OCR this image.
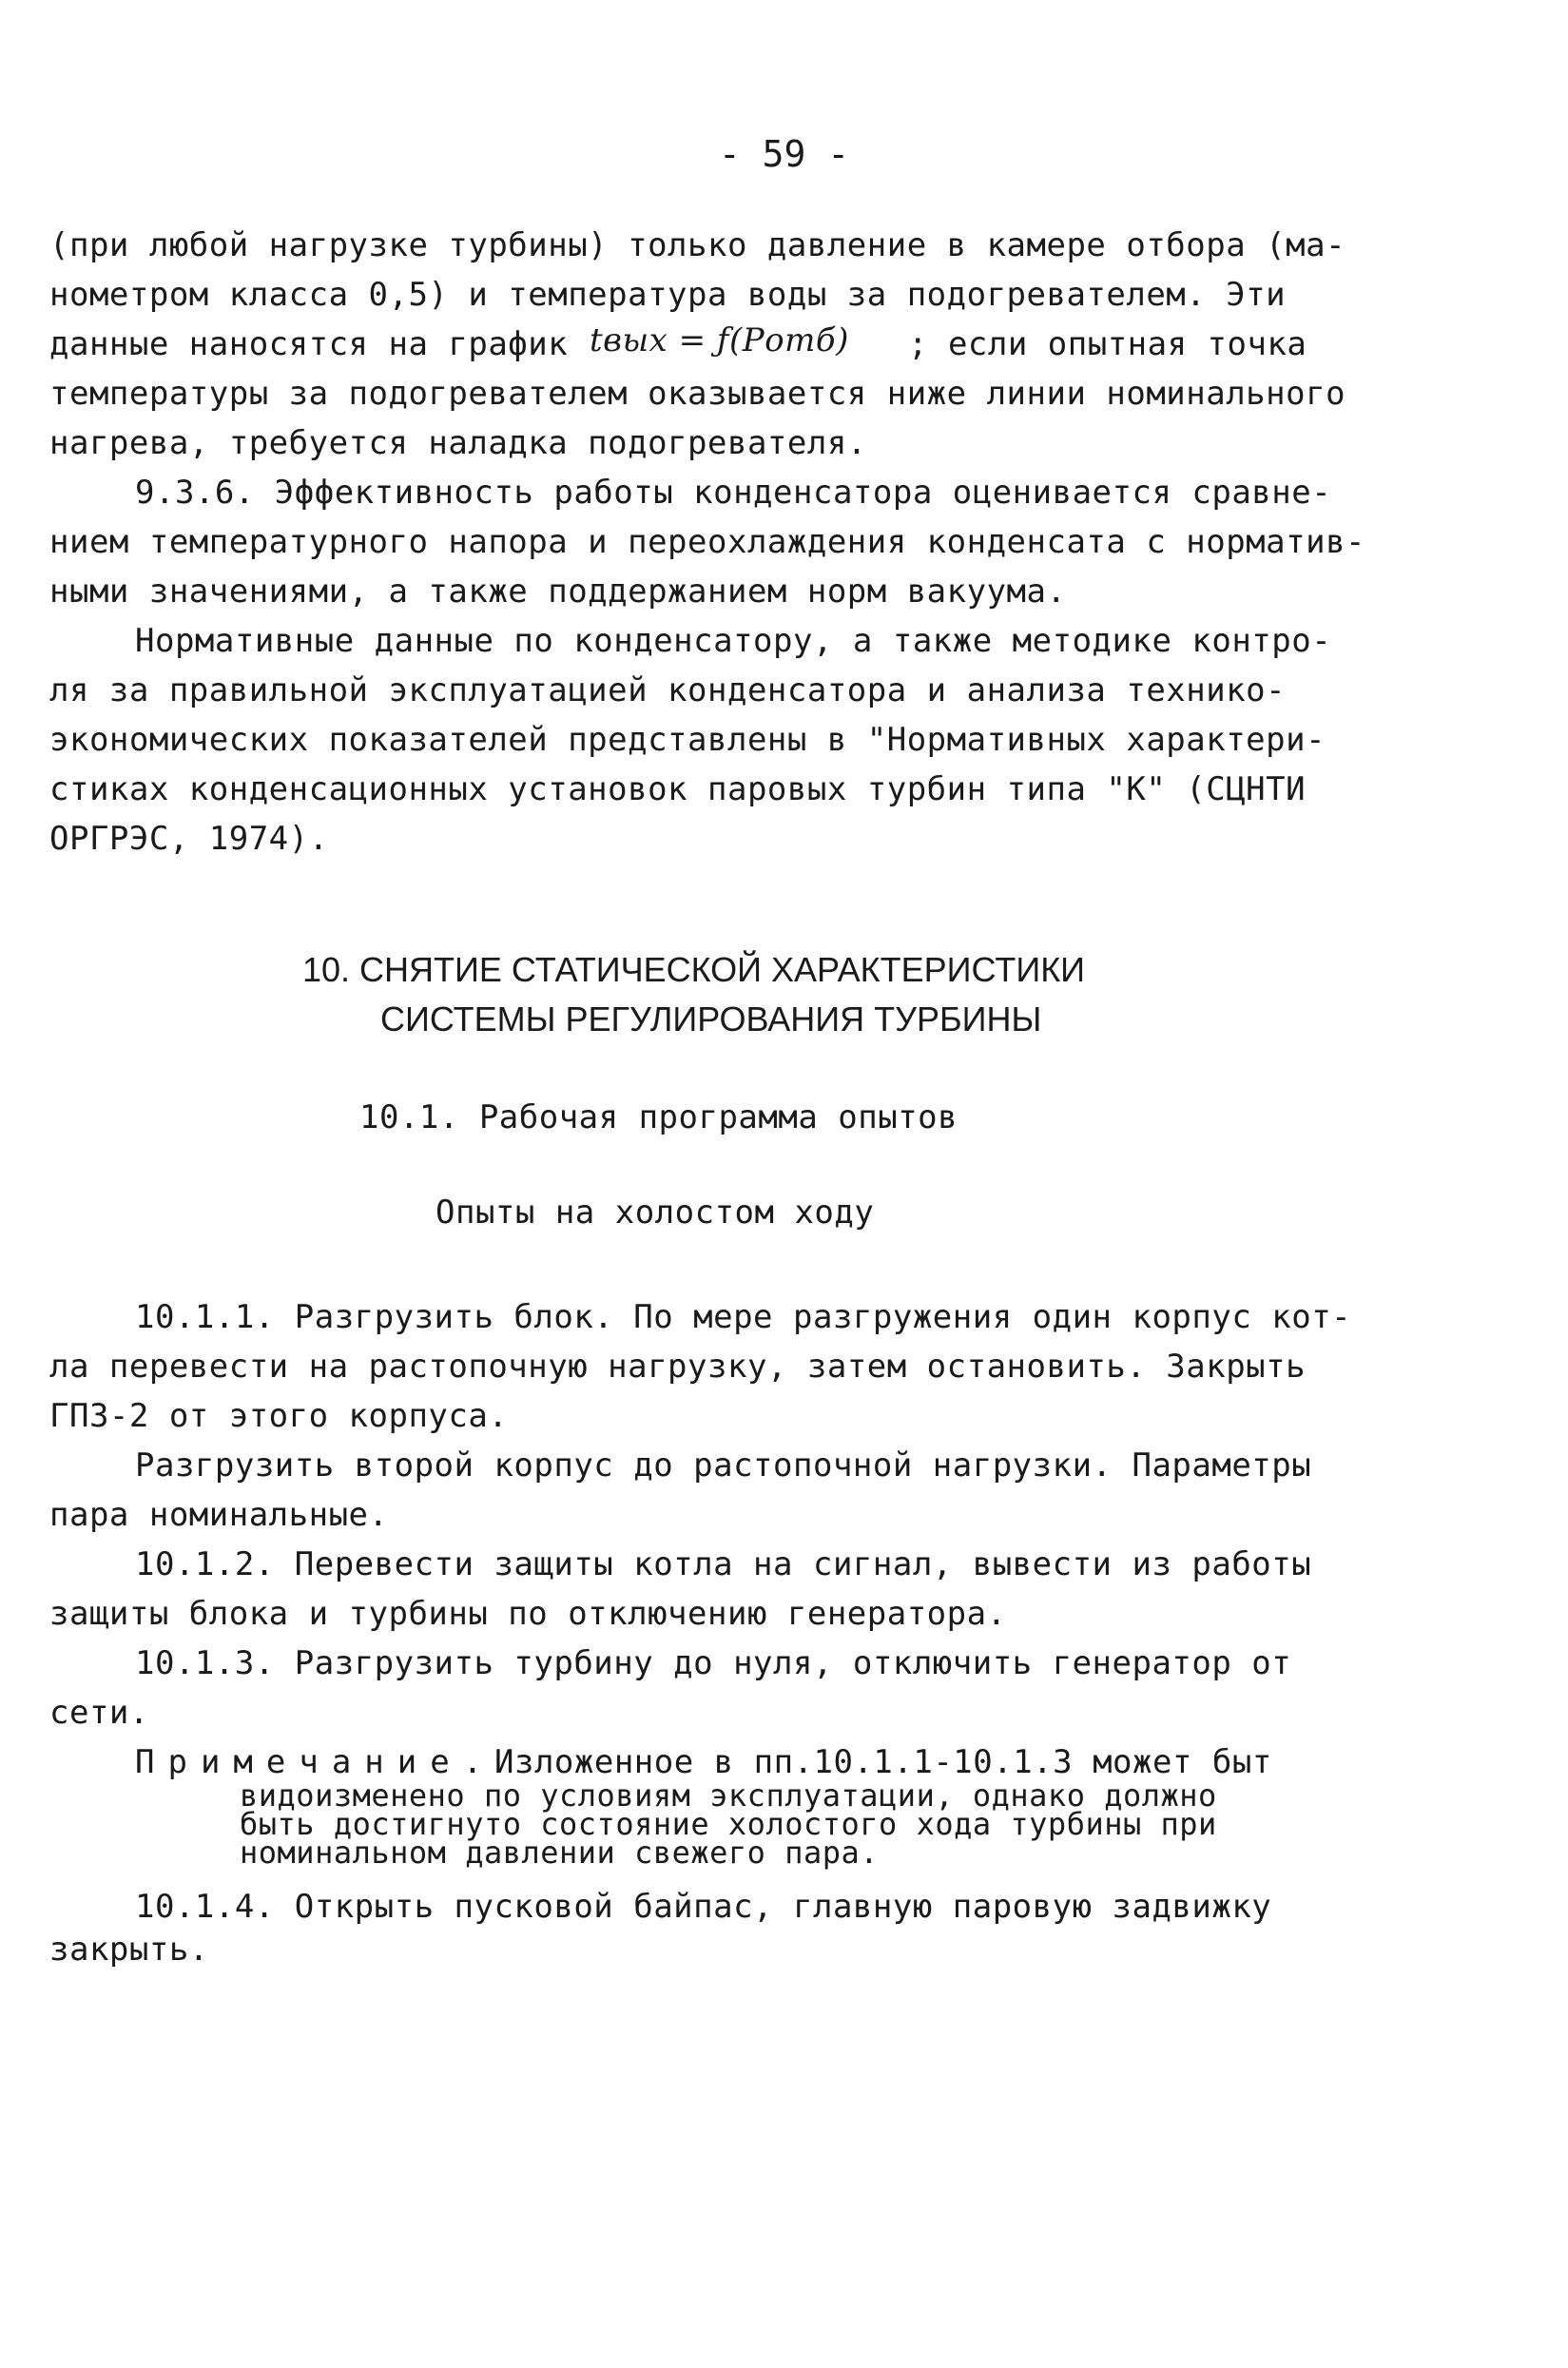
- 59 -
(при любой нагрузке турбины) только давление в камере отбора (ма-
нометром класса 0,5) и температура воды за подогревателем. Эти
данные наносятся на график tвых = ƒ(Pотб) ; если опытная точка
температуры за подогревателем оказывается ниже линии номинального
нагрева, требуется наладка подогревателя.
9.3.6. Эффективность работы конденсатора оценивается сравне-
нием температурного напора и переохлаждения конденсата с норматив-
ными значениями, а также поддержанием норм вакуума.
Нормативные данные по конденсатору, а также методике контро-
ля за правильной эксплуатацией конденсатора и анализа технико-
экономических показателей представлены в "Нормативных характери-
стиках конденсационных установок паровых турбин типа "К" (СЦНТИ
ОРГРЭС, 1974).
10. СНЯТИЕ СТАТИЧЕСКОЙ ХАРАКТЕРИСТИКИ
СИСТЕМЫ РЕГУЛИРОВАНИЯ ТУРБИНЫ
10.1. Рабочая программа опытов
Опыты на холостом ходу
10.1.1. Разгрузить блок. По мере разгружения один корпус кот-
ла перевести на растопочную нагрузку, затем остановить. Закрыть
ГПЗ-2 от этого корпуса.
Разгрузить второй корпус до растопочной нагрузки. Параметры
пара номинальные.
10.1.2. Перевести защиты котла на сигнал, вывести из работы
защиты блока и турбины по отключению генератора.
10.1.3. Разгрузить турбину до нуля, отключить генератор от
сети.
Примечание.
Изложенное в пп.10.1.1-10.1.3 может быт
видоизменено по условиям эксплуатации, однако должно
быть достигнуто состояние холостого хода турбины при
номинальном давлении свежего пара.
10.1.4. Открыть пусковой байпас, главную паровую задвижку
закрыть.
